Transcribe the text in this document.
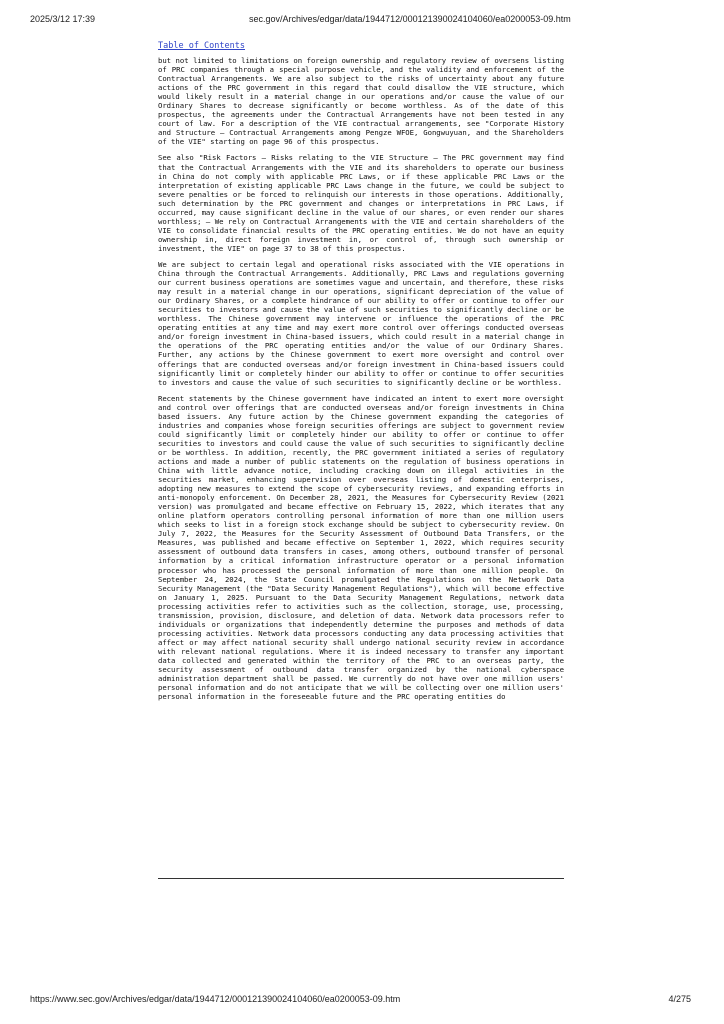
2025/3/12 17:39	sec.gov/Archives/edgar/data/1944712/000121390024104060/ea0200053-09.htm
Table of Contents

but not limited to limitations on foreign ownership and regulatory review of oversens listing of PRC companies through a special purpose vehicle, and the validity and enforcement of the Contractual Arrangements. We are also subject to the risks of uncertainty about any future actions of the PRC government in this regard that could disallow the VIE structure, which would likely result in a material change in our operations and/or cause the value of our Ordinary Shares to decrease significantly or become worthless. As of the date of this prospectus, the agreements under the Contractual Arrangements have not been tested in any court of law. For a description of the VIE contractual arrangements, see "Corporate History and Structure — Contractual Arrangements among Pengze WFOE, Gongwuyuan, and the Shareholders of the VIE" starting on page 96 of this prospectus.

See also "Risk Factors — Risks relating to the VIE Structure — The PRC government may find that the Contractual Arrangements with the VIE and its shareholders to operate our business in China do not comply with applicable PRC Laws, or if these applicable PRC Laws or the interpretation of existing applicable PRC Laws change in the future, we could be subject to severe penalties or be forced to relinquish our interests in those operations. Additionally, such determination by the PRC government and changes or interpretations in PRC Laws, if occurred, may cause significant decline in the value of our shares, or even render our shares worthless; — We rely on Contractual Arrangements with the VIE and certain shareholders of the VIE to consolidate financial results of the PRC operating entities. We do not have an equity ownership in, direct foreign investment in, or control of, through such ownership or investment, the VIE" on page 37 to 38 of this prospectus.

We are subject to certain legal and operational risks associated with the VIE operations in China through the Contractual Arrangements. Additionally, PRC Laws and regulations governing our current business operations are sometimes vague and uncertain, and therefore, these risks may result in a material change in our operations, significant depreciation of the value of our Ordinary Shares, or a complete hindrance of our ability to offer or continue to offer our securities to investors and cause the value of such securities to significantly decline or be worthless. The Chinese government may intervene or influence the operations of the PRC operating entities at any time and may exert more control over offerings conducted overseas and/or foreign investment in China-based issuers, which could result in a material change in the operations of the PRC operating entities and/or the value of our Ordinary Shares. Further, any actions by the Chinese government to exert more oversight and control over offerings that are conducted overseas and/or foreign investment in China-based issuers could significantly limit or completely hinder our ability to offer or continue to offer securities to investors and cause the value of such securities to significantly decline or be worthless.

Recent statements by the Chinese government have indicated an intent to exert more oversight and control over offerings that are conducted overseas and/or foreign investments in China based issuers. Any future action by the Chinese government expanding the categories of industries and companies whose foreign securities offerings are subject to government review could significantly limit or completely hinder our ability to offer or continue to offer securities to investors and could cause the value of such securities to significantly decline or be worthless. In addition, recently, the PRC government initiated a series of regulatory actions and made a number of public statements on the regulation of business operations in China with little advance notice, including cracking down on illegal activities in the securities market, enhancing supervision over overseas listing of domestic enterprises, adopting new measures to extend the scope of cybersecurity reviews, and expanding efforts in anti-monopoly enforcement. On December 28, 2021, the Measures for Cybersecurity Review (2021 version) was promulgated and became effective on February 15, 2022, which iterates that any online platform operators controlling personal information of more than one million users which seeks to list in a foreign stock exchange should be subject to cybersecurity review. On July 7, 2022, the Measures for the Security Assessment of Outbound Data Transfers, or the Measures, was published and became effective on September 1, 2022, which requires security assessment of outbound data transfers in cases, among others, outbound transfer of personal information by a critical information infrastructure operator or a personal information processor who has processed the personal information of more than one million people. On September 24, 2024, the State Council promulgated the Regulations on the Network Data Security Management (the "Data Security Management Regulations"), which will become effective on January 1, 2025. Pursuant to the Data Security Management Regulations, network data processing activities refer to activities such as the collection, storage, use, processing, transmission, provision, disclosure, and deletion of data. Network data processors refer to individuals or organizations that independently determine the purposes and methods of data processing activities. Network data processors conducting any data processing activities that affect or may affect national security shall undergo national security review in accordance with relevant national regulations. Where it is indeed necessary to transfer any important data collected and generated within the territory of the PRC to an overseas party, the security assessment of outbound data transfer organized by the national cyberspace administration department shall be passed. We currently do not have over one million users' personal information and do not anticipate that we will be collecting over one million users' personal information in the foreseeable future and the PRC operating entities do

https://www.sec.gov/Archives/edgar/data/1944712/000121390024104060/ea0200053-09.htm	4/275
